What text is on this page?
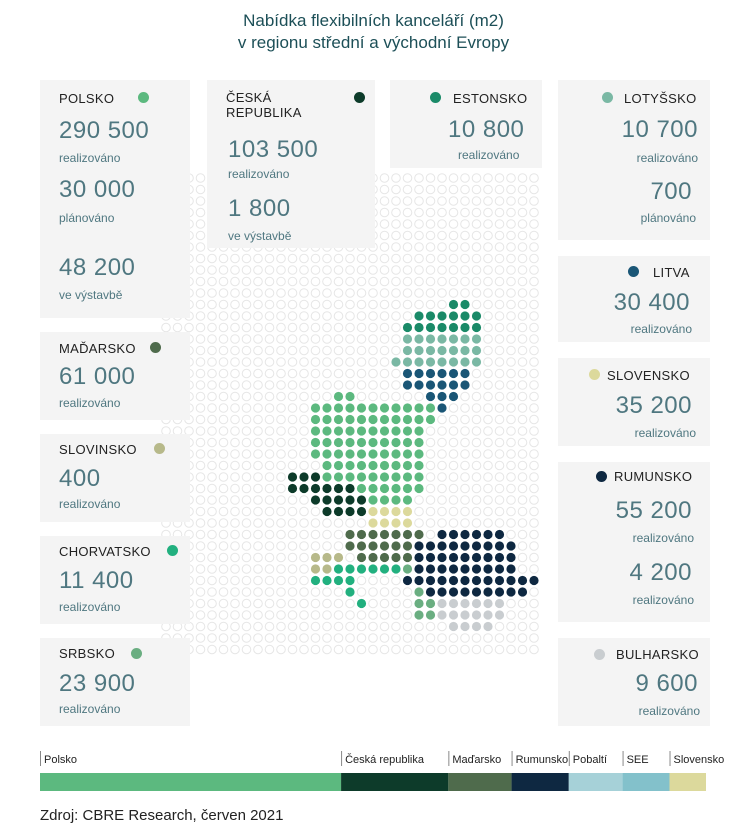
Nabídka flexibilních kanceláří (m2)
v regionu střední a východní Evropy
POLSKO
290 500
realizováno
30 000
plánováno
48 200
ve výstavbě
ČESKÁ
REPUBLIKA
103 500
realizováno
1 800
ve výstavbě
ESTONSKO
10 800
realizováno
LOTYŠSKO
10 700
realizováno
700
plánováno
LITVA
30 400
realizováno
SLOVENSKO
35 200
realizováno
RUMUNSKO
55 200
realizováno
4 200
realizováno
BULHARSKO
9 600
realizováno
MAĎARSKO
61 000
realizováno
SLOVINSKO
400
realizováno
CHORVATSKO
11 400
realizováno
SRBSKO
23 900
realizováno
Polsko	Česká republika	Maďarsko Rumunsko Pobaltí SEE Slovensko
Zdroj: CBRE Research, červen 2021
